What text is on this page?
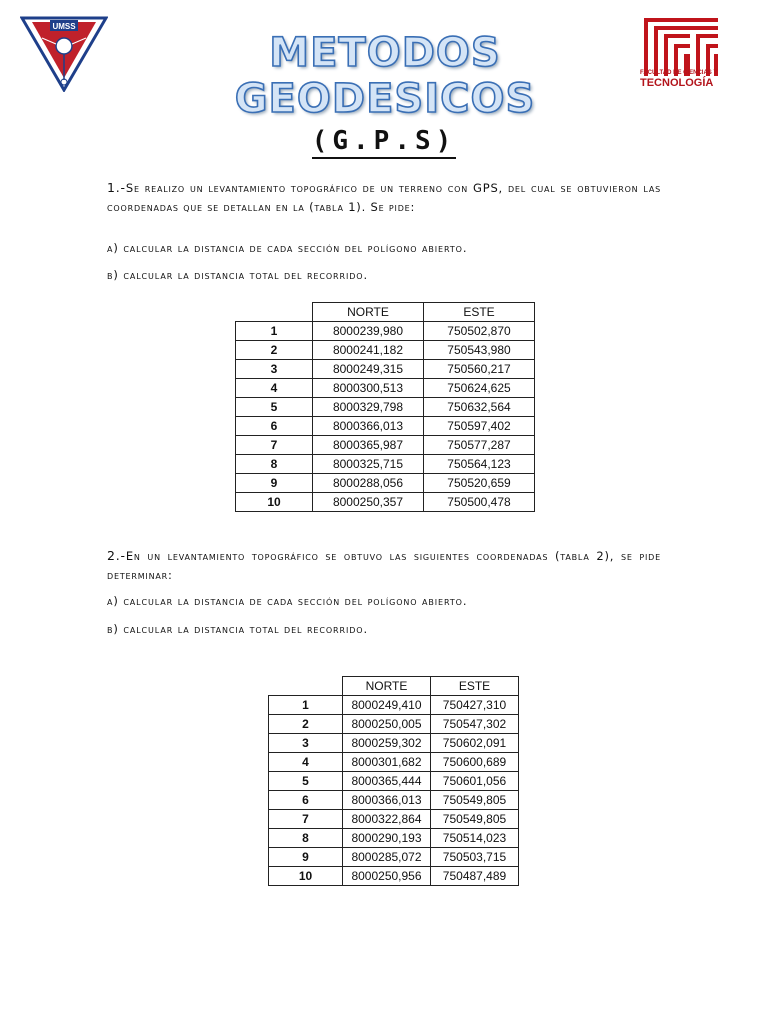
UMSS
FACULTAD DE CIENCIAS Y
TECNOLOGÍA
METODOS GEODESICOS
(G.P.S)
1.-Se realizo un levantamiento topográfico de un terreno con GPS, del cual se obtuvieron las coordenadas que se detallan en la (tabla 1). Se pide:
a) calcular la distancia de cada sección del polígono abierto.
b) calcular la distancia total del recorrido.
	NORTE	ESTE
1	8000239,980	750502,870
2	8000241,182	750543,980
3	8000249,315	750560,217
4	8000300,513	750624,625
5	8000329,798	750632,564
6	8000366,013	750597,402
7	8000365,987	750577,287
8	8000325,715	750564,123
9	8000288,056	750520,659
10	8000250,357	750500,478
2.-En un levantamiento topográfico se obtuvo las siguientes coordenadas (tabla 2), se pide determinar:
a) calcular la distancia de cada sección del polígono abierto.
b) calcular la distancia total del recorrido.
	NORTE	ESTE
1	8000249,410	750427,310
2	8000250,005	750547,302
3	8000259,302	750602,091
4	8000301,682	750600,689
5	8000365,444	750601,056
6	8000366,013	750549,805
7	8000322,864	750549,805
8	8000290,193	750514,023
9	8000285,072	750503,715
10	8000250,956	750487,489
